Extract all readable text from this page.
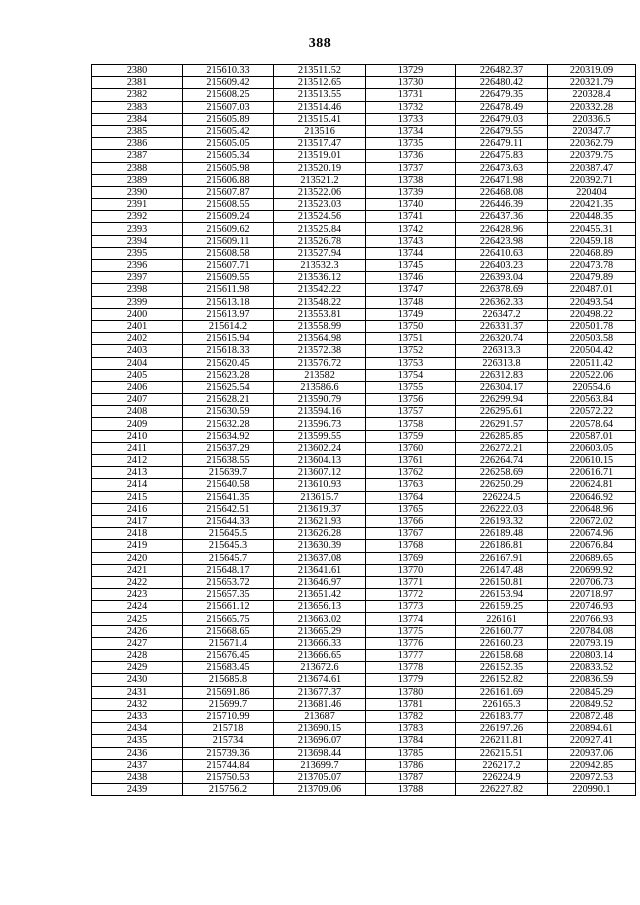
388
2380	215610.33	213511.52	13729	226482.37	220319.09
2381	215609.42	213512.65	13730	226480.42	220321.79
2382	215608.25	213513.55	13731	226479.35	220328.4
2383	215607.03	213514.46	13732	226478.49	220332.28
2384	215605.89	213515.41	13733	226479.03	220336.5
2385	215605.42	213516	13734	226479.55	220347.7
2386	215605.05	213517.47	13735	226479.11	220362.79
2387	215605.34	213519.01	13736	226475.83	220379.75
2388	215605.98	213520.19	13737	226473.63	220387.47
2389	215606.88	213521.2	13738	226471.98	220392.71
2390	215607.87	213522.06	13739	226468.08	220404
2391	215608.55	213523.03	13740	226446.39	220421.35
2392	215609.24	213524.56	13741	226437.36	220448.35
2393	215609.62	213525.84	13742	226428.96	220455.31
2394	215609.11	213526.78	13743	226423.98	220459.18
2395	215608.58	213527.94	13744	226410.63	220468.89
2396	215607.71	213532.3	13745	226403.23	220473.78
2397	215609.55	213536.12	13746	226393.04	220479.89
2398	215611.98	213542.22	13747	226378.69	220487.01
2399	215613.18	213548.22	13748	226362.33	220493.54
2400	215613.97	213553.81	13749	226347.2	220498.22
2401	215614.2	213558.99	13750	226331.37	220501.78
2402	215615.94	213564.98	13751	226320.74	220503.58
2403	215618.33	213572.38	13752	226313.3	220504.42
2404	215620.45	213576.72	13753	226313.8	220511.42
2405	215623.28	213582	13754	226312.83	220522.06
2406	215625.54	213586.6	13755	226304.17	220554.6
2407	215628.21	213590.79	13756	226299.94	220563.84
2408	215630.59	213594.16	13757	226295.61	220572.22
2409	215632.28	213596.73	13758	226291.57	220578.64
2410	215634.92	213599.55	13759	226285.85	220587.01
2411	215637.29	213602.24	13760	226272.21	220603.05
2412	215638.55	213604.13	13761	226264.74	220610.15
2413	215639.7	213607.12	13762	226258.69	220616.71
2414	215640.58	213610.93	13763	226250.29	220624.81
2415	215641.35	213615.7	13764	226224.5	220646.92
2416	215642.51	213619.37	13765	226222.03	220648.96
2417	215644.33	213621.93	13766	226193.32	220672.02
2418	215645.5	213626.28	13767	226189.48	220674.96
2419	215645.3	213630.39	13768	226186.81	220676.84
2420	215645.7	213637.08	13769	226167.91	220689.65
2421	215648.17	213641.61	13770	226147.48	220699.92
2422	215653.72	213646.97	13771	226150.81	220706.73
2423	215657.35	213651.42	13772	226153.94	220718.97
2424	215661.12	213656.13	13773	226159.25	220746.93
2425	215665.75	213663.02	13774	226161	220766.93
2426	215668.65	213665.29	13775	226160.77	220784.08
2427	215671.4	213666.33	13776	226160.23	220793.19
2428	215676.45	213666.65	13777	226158.68	220803.14
2429	215683.45	213672.6	13778	226152.35	220833.52
2430	215685.8	213674.61	13779	226152.82	220836.59
2431	215691.86	213677.37	13780	226161.69	220845.29
2432	215699.7	213681.46	13781	226165.3	220849.52
2433	215710.99	213687	13782	226183.77	220872.48
2434	215718	213690.15	13783	226197.26	220894.61
2435	215734	213696.07	13784	226211.81	220927.41
2436	215739.36	213698.44	13785	226215.51	220937.06
2437	215744.84	213699.7	13786	226217.2	220942.85
2438	215750.53	213705.07	13787	226224.9	220972.53
2439	215756.2	213709.06	13788	226227.82	220990.1
